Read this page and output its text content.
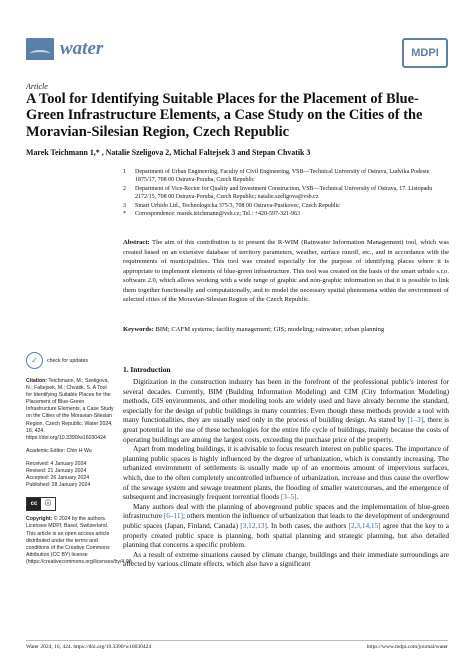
water	MDPI
Article
A Tool for Identifying Suitable Places for the Placement of Blue-Green Infrastructure Elements, a Case Study on the Cities of the Moravian-Silesian Region, Czech Republic
Marek Teichmann 1,* , Natalie Szeligova 2, Michal Faltejsek 3 and Stepan Chvatik 3
1	Department of Urban Engineering, Faculty of Civil Engineering, VSB—Technical University of Ostrava, Ludvika Podeste 1875/17, 708 00 Ostrava-Poruba, Czech Republic
2	Department of Vice-Rector for Quality and Investment Construction, VSB—Technical University of Ostrava, 17. Listopadu 2172/15, 708 00 Ostrava-Poruba, Czech Republic; natalie.szeligova@vsb.cz
3	Smart Urbido Ltd., Technologicka 375/3, 708 00 Ostrava-Pustkovec, Czech Republic
*	Correspondence: marek.teichmann@vsb.cz; Tel.: +420-597-321-963
Abstract: The aim of this contribution is to present the R-WIM (Rainwater Information Management) tool, which was created based on an extensive database of territory parameters, weather, surface runoff, etc., and in accordance with the requirements of municipalities. This tool was created especially for the purpose of identifying places where it is appropriate to implement elements of blue-green infrastructure. This tool was created on the basis of the smart urbido s.r.o. software 2.0, which allows working with a wide range of graphic and non-graphic information so that it is possible to link them together functionally and computationally, and to model the necessary spatial phenomena within the environment of selected cities of the Moravian-Silesian Region of the Czech Republic.
Keywords: BIM; CAFM systems; facility management; GIS; modeling; rainwater; urban planning
✓	check for updates
Citation: Teichmann, M.; Szeligova, N.; Faltejsek, M.; Chvatik, S. A Tool for Identifying Suitable Places for the Placement of Blue-Green Infrastructure Elements, a Case Study on the Cities of the Moravian-Silesian Region, Czech Republic. Water 2024, 16, 424. https://doi.org/10.3390/w16030424
Academic Editor: Chin H Wu
Received: 4 January 2024
Revised: 21 January 2024
Accepted: 26 January 2024
Published: 28 January 2024
cc	ⓘ
Copyright: © 2024 by the authors. Licensee MDPI, Basel, Switzerland. This article is an open access article distributed under the terms and conditions of the Creative Commons Attribution (CC BY) license (https://creativecommons.org/licenses/by/4.0/).
1. Introduction

Digitization in the construction industry has been in the forefront of the professional public's interest for several decades. Currently, BIM (Building Information Modeling) and CIM (City Information Modeling) methods, GIS environments, and other modeling tools are widely used and have already become the standard, especially for the design of public buildings in many countries. Even though these methods provide a tool with many functionalities, they are usually used only in the process of building design. As stated by [1–3], there is great potential in the use of these technologies for the entire life cycle of buildings, mainly because the costs of operating buildings are among the largest costs, exceeding the purchase price of the property.

Apart from modeling buildings, it is advisable to focus research interest on public spaces. The importance of planning public spaces is highly influenced by the degree of urbanization, which is constantly increasing. The urbanized environment of settlements is usually made up of an enormous amount of impervious surfaces, which, due to the often completely uncontrolled influence of urbanization, increase and thus cause the overflow of the sewage system and sewage treatment plants, the flooding of smaller watercourses, and the emergence of subsequent and increasingly frequent torrential floods [3–5].

Many authors deal with the planning of aboveground public spaces and the implementation of blue-green infrastructure [6–11]; others mention the influence of urbanization that leads to the development of underground public spaces (Japan, Finland, Canada) [3,12,13]. In both cases, the authors [2,3,14,15] agree that the key to a properly created public space is planning, both spatial planning and strategic planning, but also detailed planning that concerns a specific problem.

As a result of extreme situations caused by climate change, buildings and their immediate surroundings are affected by various climate effects, which also have a significant

Water 2024, 16, 424. https://doi.org/10.3390/w16030424	https://www.mdpi.com/journal/water
